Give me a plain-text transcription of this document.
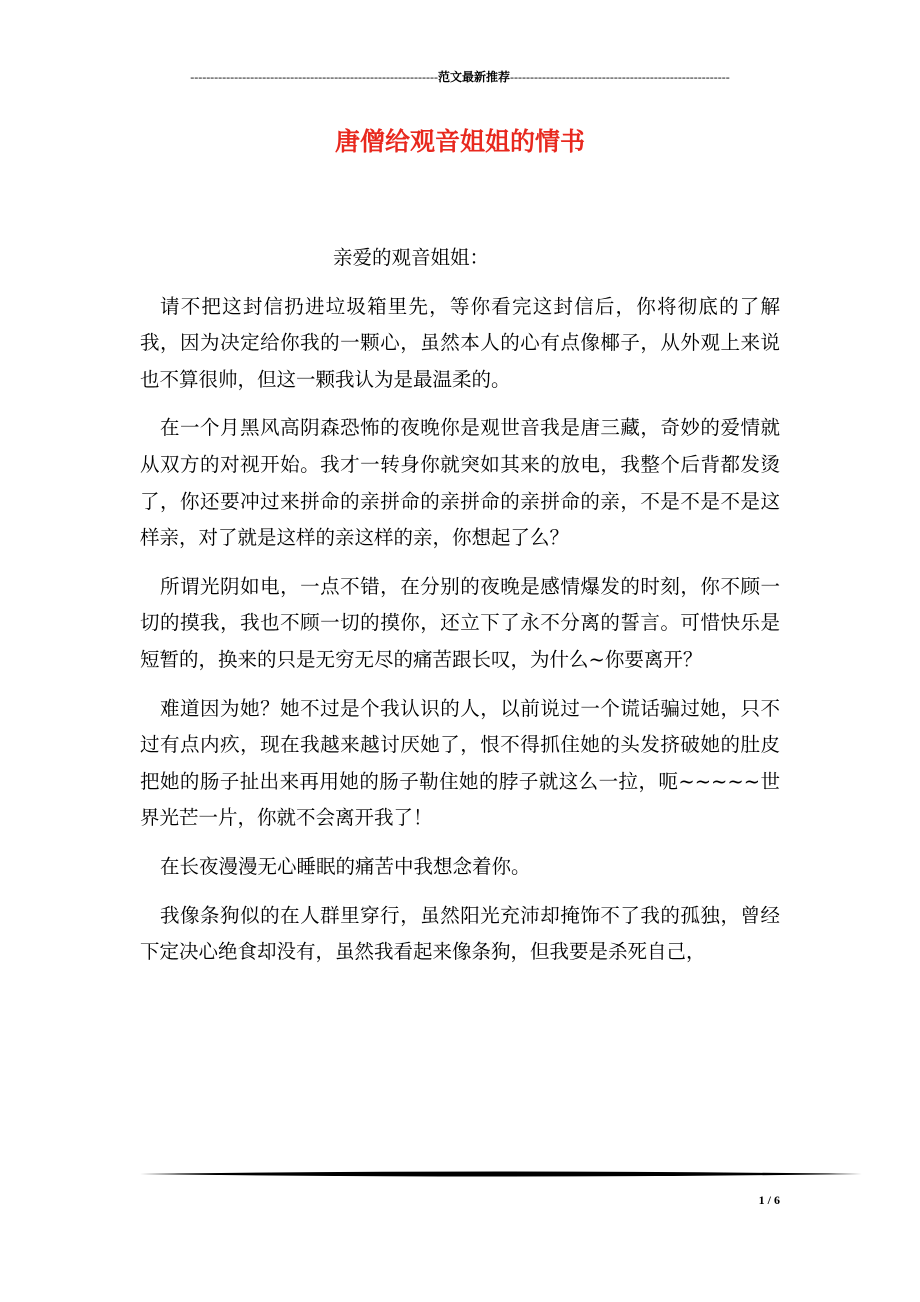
--------------------------------------------------------------范文最新推荐-------------------------------------------------------
唐僧给观音姐姐的情书

亲爱的观音姐姐：

请不把这封信扔进垃圾箱里先，等你看完这封信后，你将彻底的了解我，因为决定给你我的一颗心，虽然本人的心有点像椰子，从外观上来说也不算很帅，但这一颗我认为是最温柔的。

在一个月黑风高阴森恐怖的夜晚你是观世音我是唐三藏，奇妙的爱情就从双方的对视开始。我才一转身你就突如其来的放电，我整个后背都发烫了，你还要冲过来拼命的亲拼命的亲拼命的亲拼命的亲，不是不是不是这样亲，对了就是这样的亲这样的亲，你想起了么？

所谓光阴如电，一点不错，在分别的夜晚是感情爆发的时刻，你不顾一切的摸我，我也不顾一切的摸你，还立下了永不分离的誓言。可惜快乐是短暂的，换来的只是无穷无尽的痛苦跟长叹，为什么~你要离开？

难道因为她？她不过是个我认识的人，以前说过一个谎话骗过她，只不过有点内疚，现在我越来越讨厌她了，恨不得抓住她的头发挤破她的肚皮把她的肠子扯出来再用她的肠子勒住她的脖子就这么一拉，呃~~~~~世界光芒一片，你就不会离开我了！

在长夜漫漫无心睡眠的痛苦中我想念着你。

我像条狗似的在人群里穿行，虽然阳光充沛却掩饰不了我的孤独，曾经下定决心绝食却没有，虽然我看起来像条狗，但我要是杀死自己，

1 / 6
